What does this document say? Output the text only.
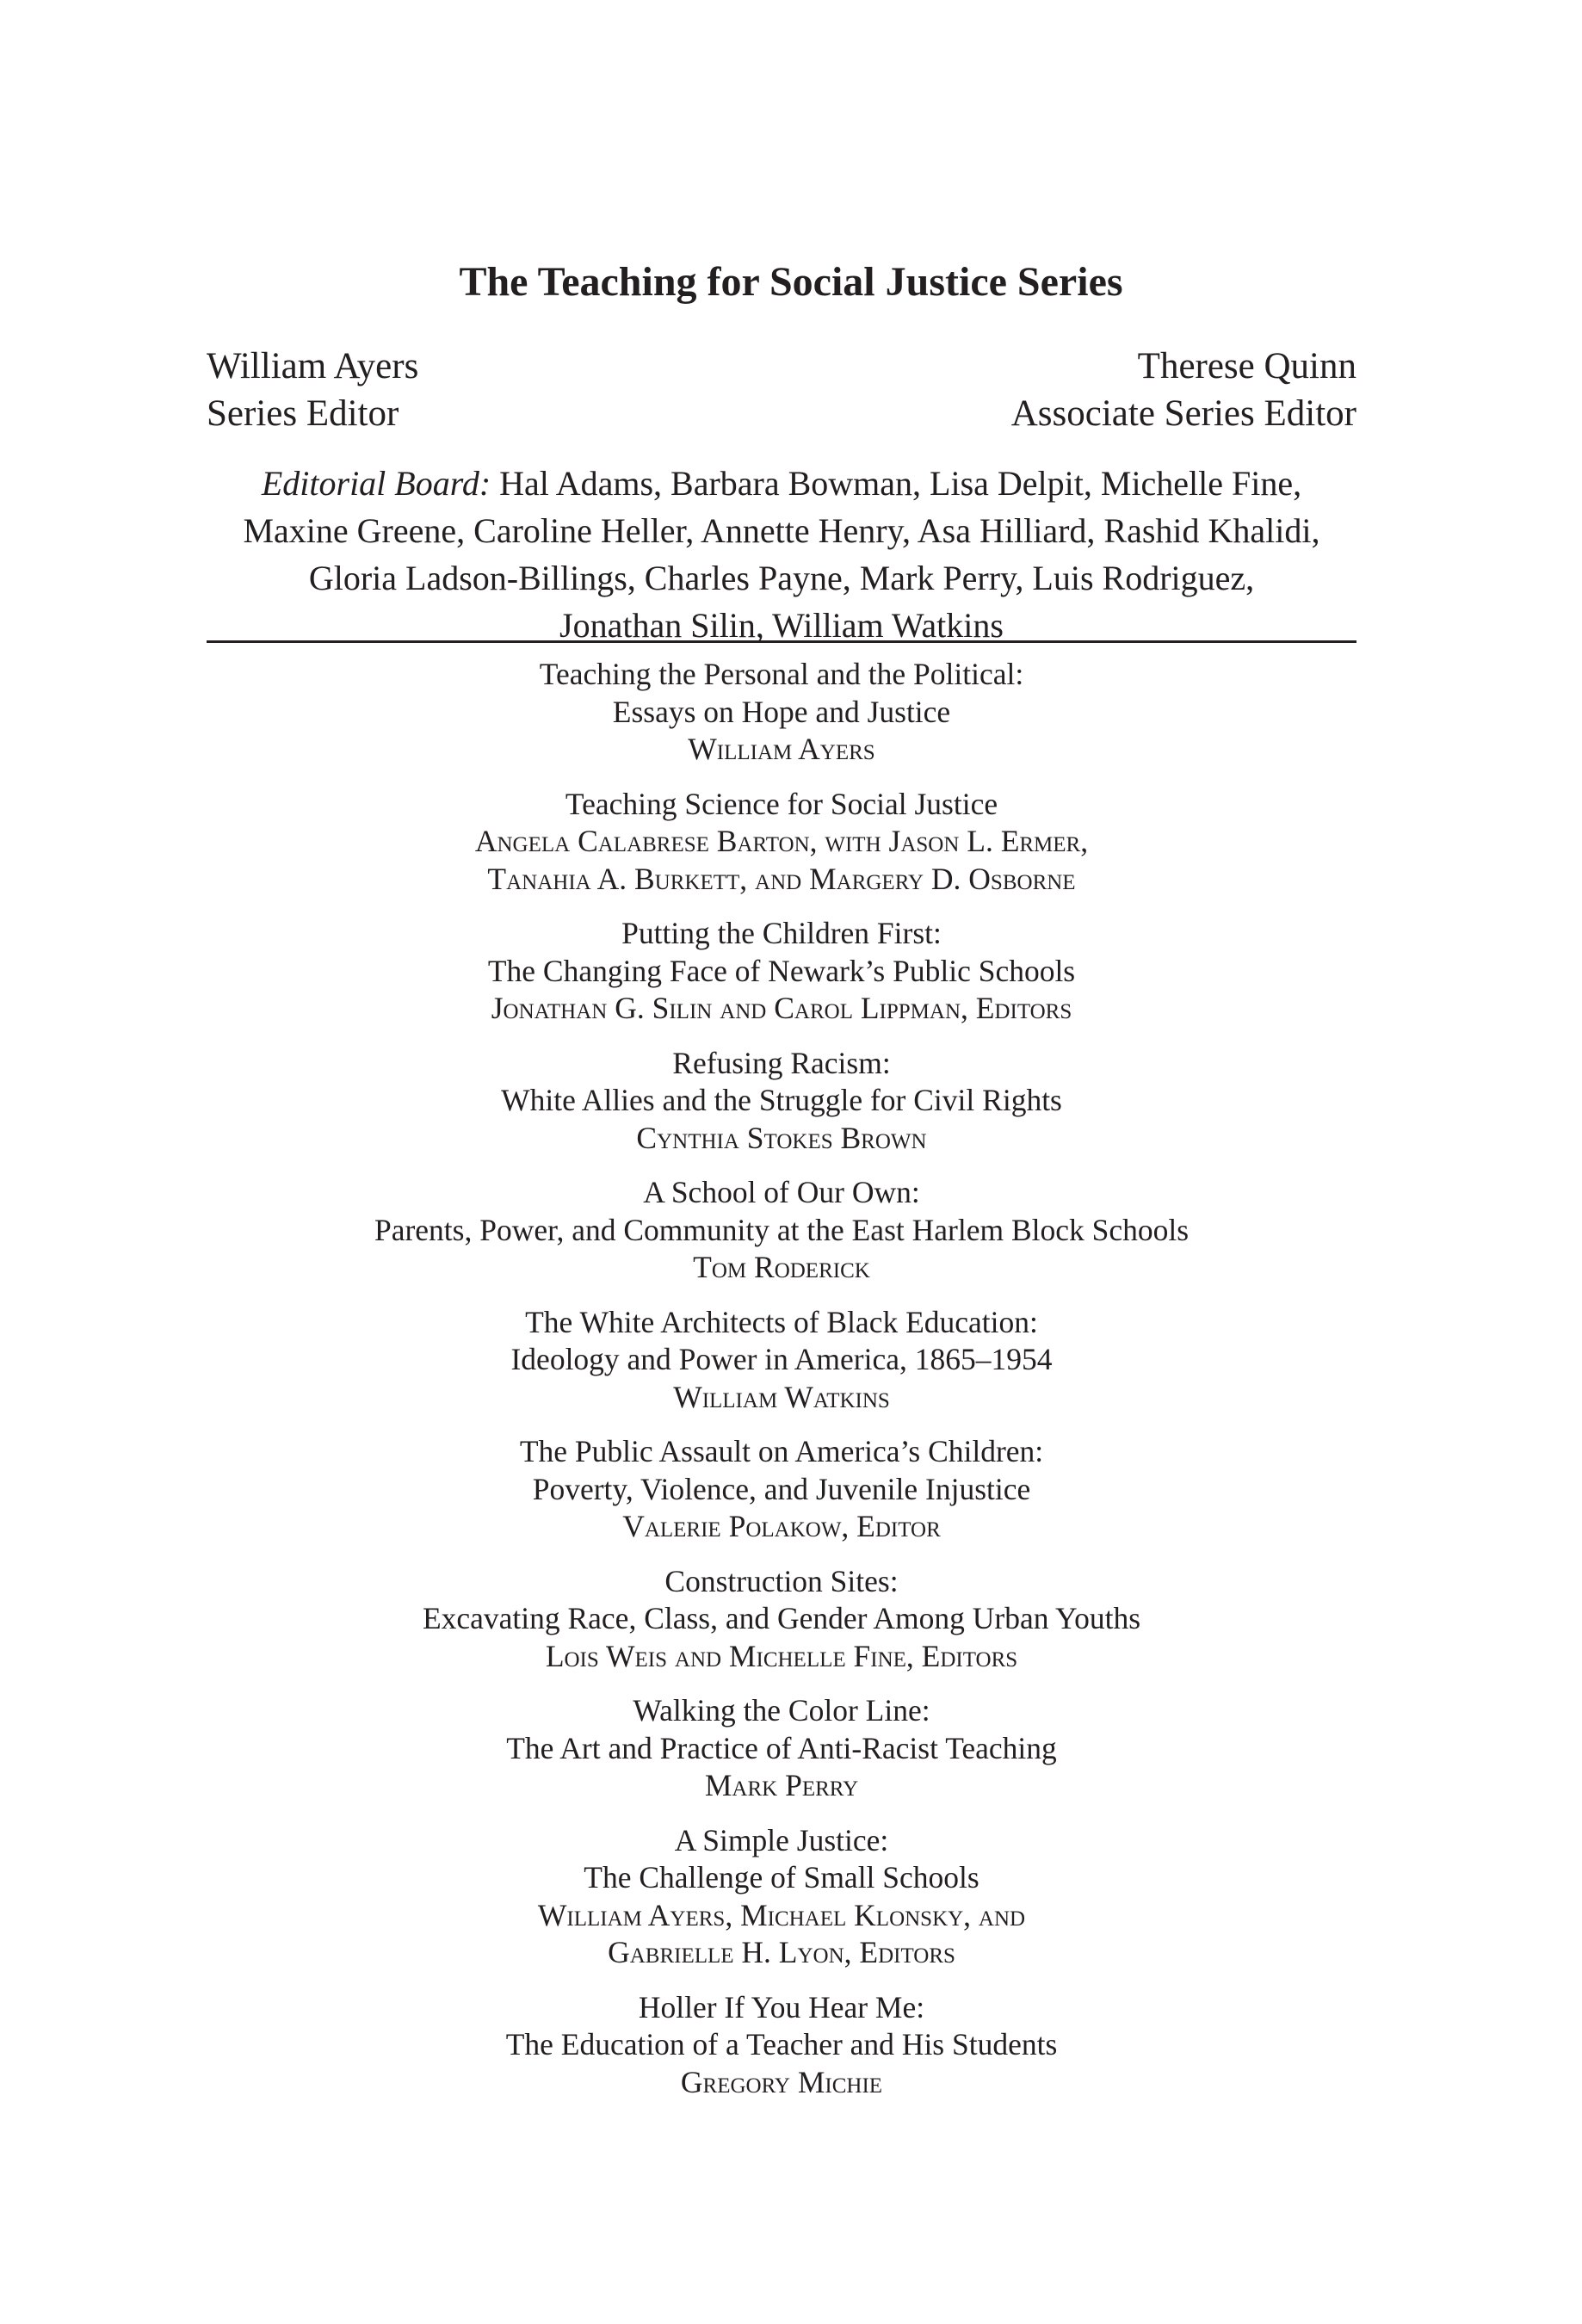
The Teaching for Social Justice Series
William Ayers
Series Editor
Therese Quinn
Associate Series Editor
Editorial Board: Hal Adams, Barbara Bowman, Lisa Delpit, Michelle Fine,
Maxine Greene, Caroline Heller, Annette Henry, Asa Hilliard, Rashid Khalidi,
Gloria Ladson-Billings, Charles Payne, Mark Perry, Luis Rodriguez,
Jonathan Silin, William Watkins
Teaching the Personal and the Political:
Essays on Hope and Justice
William Ayers
Teaching Science for Social Justice
Angela Calabrese Barton, with Jason L. Ermer,
Tanahia A. Burkett, and Margery D. Osborne
Putting the Children First:
The Changing Face of Newark’s Public Schools
Jonathan G. Silin and Carol Lippman, Editors
Refusing Racism:
White Allies and the Struggle for Civil Rights
Cynthia Stokes Brown
A School of Our Own:
Parents, Power, and Community at the East Harlem Block Schools
Tom Roderick
The White Architects of Black Education:
Ideology and Power in America, 1865–1954
William Watkins
The Public Assault on America’s Children:
Poverty, Violence, and Juvenile Injustice
Valerie Polakow, Editor
Construction Sites:
Excavating Race, Class, and Gender Among Urban Youths
Lois Weis and Michelle Fine, Editors
Walking the Color Line:
The Art and Practice of Anti-Racist Teaching
Mark Perry
A Simple Justice:
The Challenge of Small Schools
William Ayers, Michael Klonsky, and
Gabrielle H. Lyon, Editors
Holler If You Hear Me:
The Education of a Teacher and His Students
Gregory Michie
